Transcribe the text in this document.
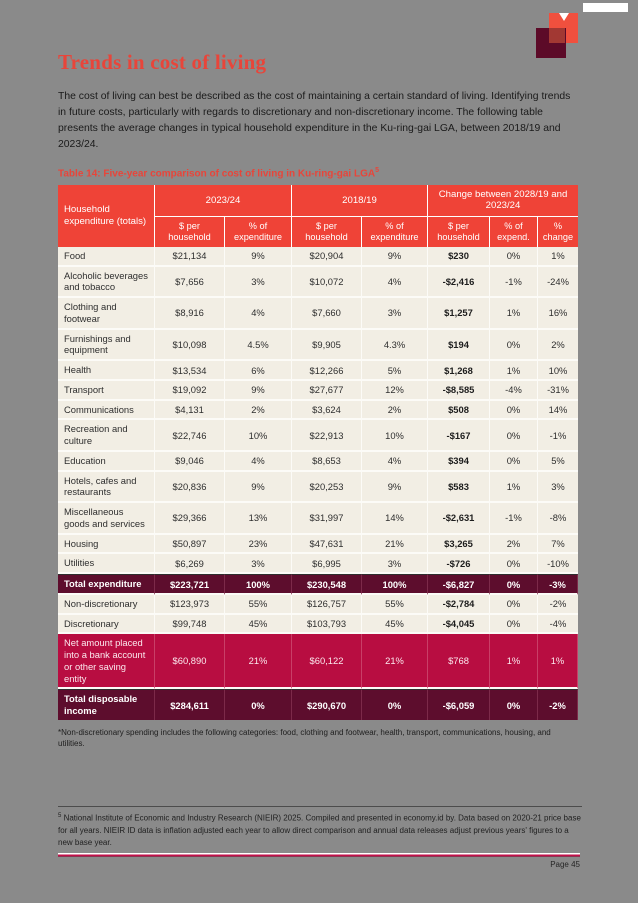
Trends in cost of living
The cost of living can best be described as the cost of maintaining a certain standard of living. Identifying trends in future costs, particularly with regards to discretionary and non-discretionary income. The following table presents the average changes in typical household expenditure in the Ku-ring-gai LGA, between 2018/19 and 2023/24.
Table 14: Five-year comparison of cost of living in Ku-ring-gai LGA$^5$
Household expenditure (totals)	2023/24		2018/19		Change between 2028/19 and 2023/24		
	$ per household	% of expenditure	$ per household	% of expenditure	$ per household	% of expend.	% change
Food	$21,134	9%	$20,904	9%	$230	0%	1%
Alcoholic beverages and tobacco	$7,656	3%	$10,072	4%	-$2,416	-1%	-24%
Clothing and footwear	$8,916	4%	$7,660	3%	$1,257	1%	16%
Furnishings and equipment	$10,098	4.5%	$9,905	4.3%	$194	0%	2%
Health	$13,534	6%	$12,266	5%	$1,268	1%	10%
Transport	$19,092	9%	$27,677	12%	-$8,585	-4%	-31%
Communications	$4,131	2%	$3,624	2%	$508	0%	14%
Recreation and culture	$22,746	10%	$22,913	10%	-$167	0%	-1%
Education	$9,046	4%	$8,653	4%	$394	0%	5%
Hotels, cafes and restaurants	$20,836	9%	$20,253	9%	$583	1%	3%
Miscellaneous goods and services	$29,366	13%	$31,997	14%	-$2,631	-1%	-8%
Housing	$50,897	23%	$47,631	21%	$3,265	2%	7%
Utilities	$6,269	3%	$6,995	3%	-$726	0%	-10%
Total expenditure	$223,721	100%	$230,548	100%	-$6,827	0%	-3%
Non-discretionary	$123,973	55%	$126,757	55%	-$2,784	0%	-2%
Discretionary	$99,748	45%	$103,793	45%	-$4,045	0%	-4%
Net amount placed into a bank account or other saving entity	$60,890	21%	$60,122	21%	$768	1%	1%
Total disposable income	$284,611	0%	$290,670	0%	-$6,059	0%	-2%
*Non-discretionary spending includes the following categories: food, clothing and footwear, health, transport, communications, housing, and utilities.
$^5$ National Institute of Economic and Industry Research (NIEIR) 2025. Compiled and presented in economy.id by. Data based on 2020-21 price base for all years. NIEIR ID data is inflation adjusted each year to allow direct comparison and annual data releases adjust previous years' figures to a new base year.
Page 45
